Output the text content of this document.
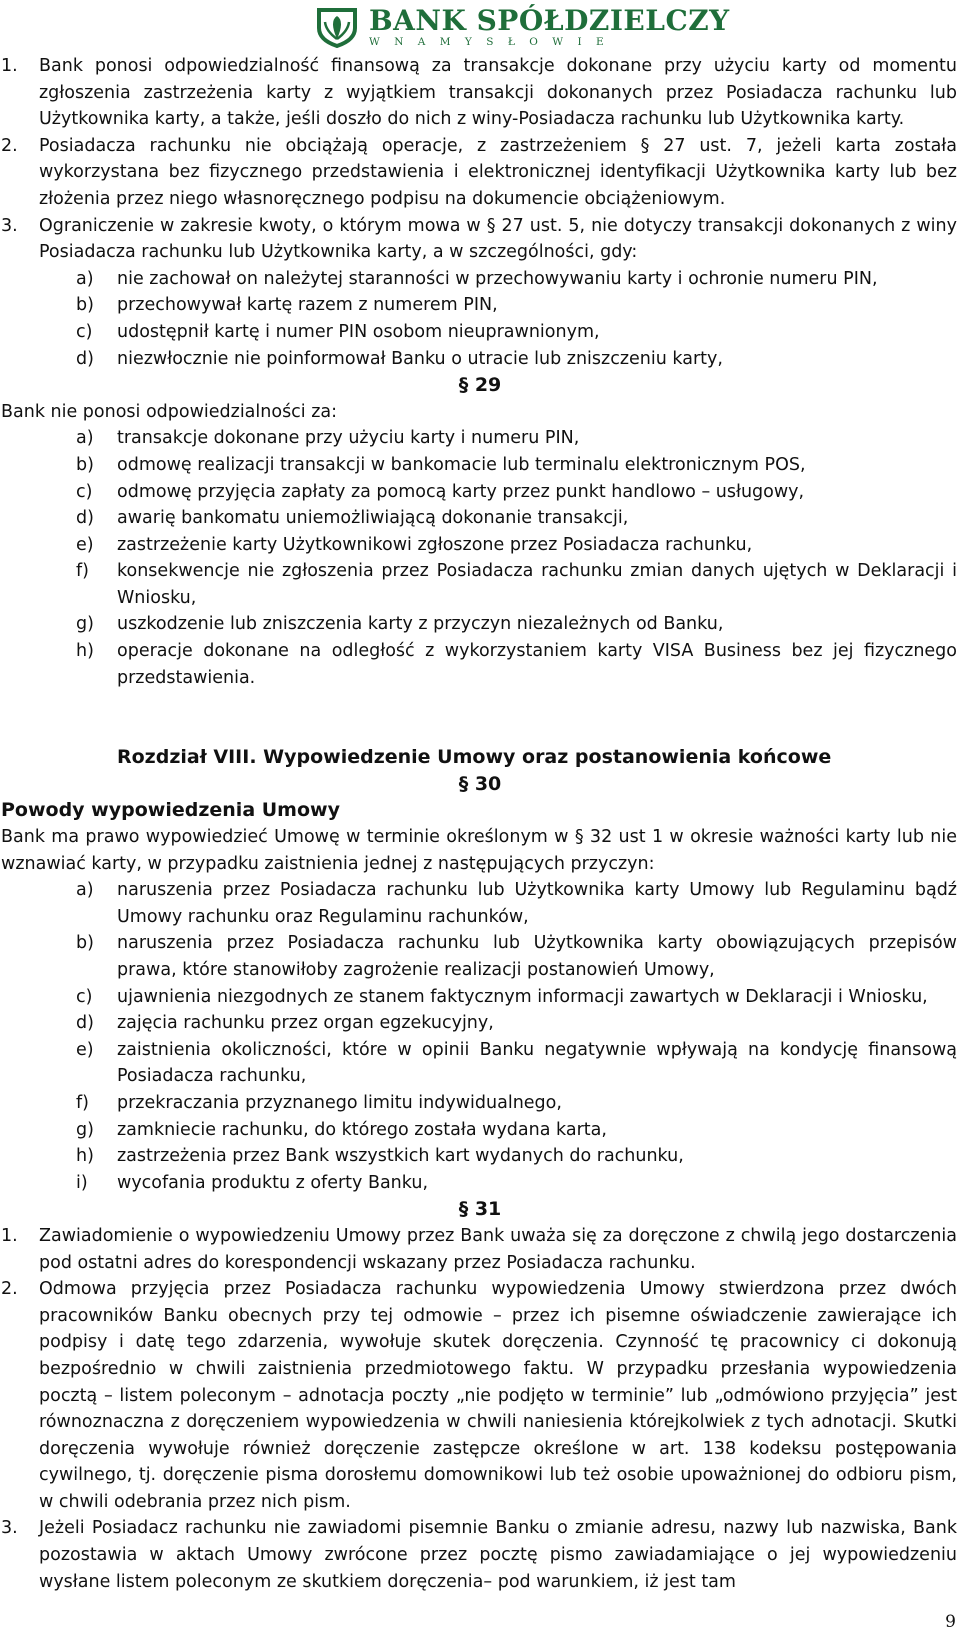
BANK SPÓŁDZIELCZY
WNAMYSŁOWIE
1.	Bank ponosi odpowiedzialność finansową za transakcje dokonane przy użyciu karty od momentu zgłoszenia zastrzeżenia karty z wyjątkiem transakcji dokonanych przez Posiadacza rachunku lub Użytkownika karty, a także, jeśli doszło do nich z winy-Posiadacza rachunku lub Użytkownika karty.
2.	Posiadacza rachunku nie obciążają operacje, z zastrzeżeniem § 27 ust. 7, jeżeli karta została wykorzystana bez fizycznego przedstawienia i elektronicznej identyfikacji Użytkownika karty lub bez złożenia przez niego własnoręcznego podpisu na dokumencie obciążeniowym.
3.	Ograniczenie w zakresie kwoty, o którym mowa w § 27 ust. 5, nie dotyczy transakcji dokonanych z winy Posiadacza rachunku lub Użytkownika karty, a w szczególności, gdy:
a)	nie zachował on należytej staranności w przechowywaniu karty i ochronie numeru PIN,
b)	przechowywał kartę razem z numerem PIN,
c)	udostępnił kartę i numer PIN osobom nieuprawnionym,
d)	niezwłocznie nie poinformował Banku o utracie lub zniszczeniu karty,
§ 29
Bank nie ponosi odpowiedzialności za:
a)	transakcje dokonane przy użyciu karty i numeru PIN,
b)	odmowę realizacji transakcji w bankomacie lub terminalu elektronicznym POS,
c)	odmowę przyjęcia zapłaty za pomocą karty przez punkt handlowo – usługowy,
d)	awarię bankomatu uniemożliwiającą dokonanie transakcji,
e)	zastrzeżenie karty Użytkownikowi zgłoszone przez Posiadacza rachunku,
f)	konsekwencje nie zgłoszenia przez Posiadacza rachunku zmian danych ujętych w Deklaracji i Wniosku,
g)	uszkodzenie lub zniszczenia karty z przyczyn niezależnych od Banku,
h)	operacje dokonane na odległość z wykorzystaniem karty VISA Business bez jej fizycznego przedstawienia.
Rozdział VIII. Wypowiedzenie Umowy oraz postanowienia końcowe
§ 30
Powody wypowiedzenia Umowy
Bank ma prawo wypowiedzieć Umowę w terminie określonym w § 32 ust 1 w okresie ważności karty lub nie wznawiać karty, w przypadku zaistnienia jednej z następujących przyczyn:
a)	naruszenia przez Posiadacza rachunku lub Użytkownika karty Umowy lub Regulaminu bądź Umowy rachunku oraz Regulaminu rachunków,
b)	naruszenia przez Posiadacza rachunku lub Użytkownika karty obowiązujących przepisów prawa, które stanowiłoby zagrożenie realizacji postanowień Umowy,
c)	ujawnienia niezgodnych ze stanem faktycznym informacji zawartych w Deklaracji i Wniosku,
d)	zajęcia rachunku przez organ egzekucyjny,
e)	zaistnienia okoliczności, które w opinii Banku negatywnie wpływają na kondycję finansową Posiadacza rachunku,
f)	przekraczania przyznanego limitu indywidualnego,
g)	zamkniecie rachunku, do którego została wydana karta,
h)	zastrzeżenia przez Bank wszystkich kart wydanych do rachunku,
i)	wycofania produktu z oferty Banku,
§ 31
1.	Zawiadomienie o wypowiedzeniu Umowy przez Bank uważa się za doręczone z chwilą jego dostarczenia pod ostatni adres do korespondencji wskazany przez Posiadacza rachunku.
2.	Odmowa przyjęcia przez Posiadacza rachunku wypowiedzenia Umowy stwierdzona przez dwóch pracowników Banku obecnych przy tej odmowie – przez ich pisemne oświadczenie zawierające ich podpisy i datę tego zdarzenia, wywołuje skutek doręczenia. Czynność tę pracownicy ci dokonują bezpośrednio w chwili zaistnienia przedmiotowego faktu. W przypadku przesłania wypowiedzenia pocztą – listem poleconym – adnotacja poczty „nie podjęto w terminie” lub „odmówiono przyjęcia” jest równoznaczna z doręczeniem wypowiedzenia w chwili naniesienia którejkolwiek z tych adnotacji. Skutki doręczenia wywołuje również doręczenie zastępcze określone w art. 138 kodeksu postępowania cywilnego, tj. doręczenie pisma dorosłemu domownikowi lub też osobie upoważnionej do odbioru pism, w chwili odebrania przez nich pism.
3.	Jeżeli Posiadacz rachunku nie zawiadomi pisemnie Banku o zmianie adresu, nazwy lub nazwiska, Bank pozostawia w aktach Umowy zwrócone przez pocztę pismo zawiadamiające o jej wypowiedzeniu wysłane listem poleconym ze skutkiem doręczenia– pod warunkiem, iż jest tam
9
